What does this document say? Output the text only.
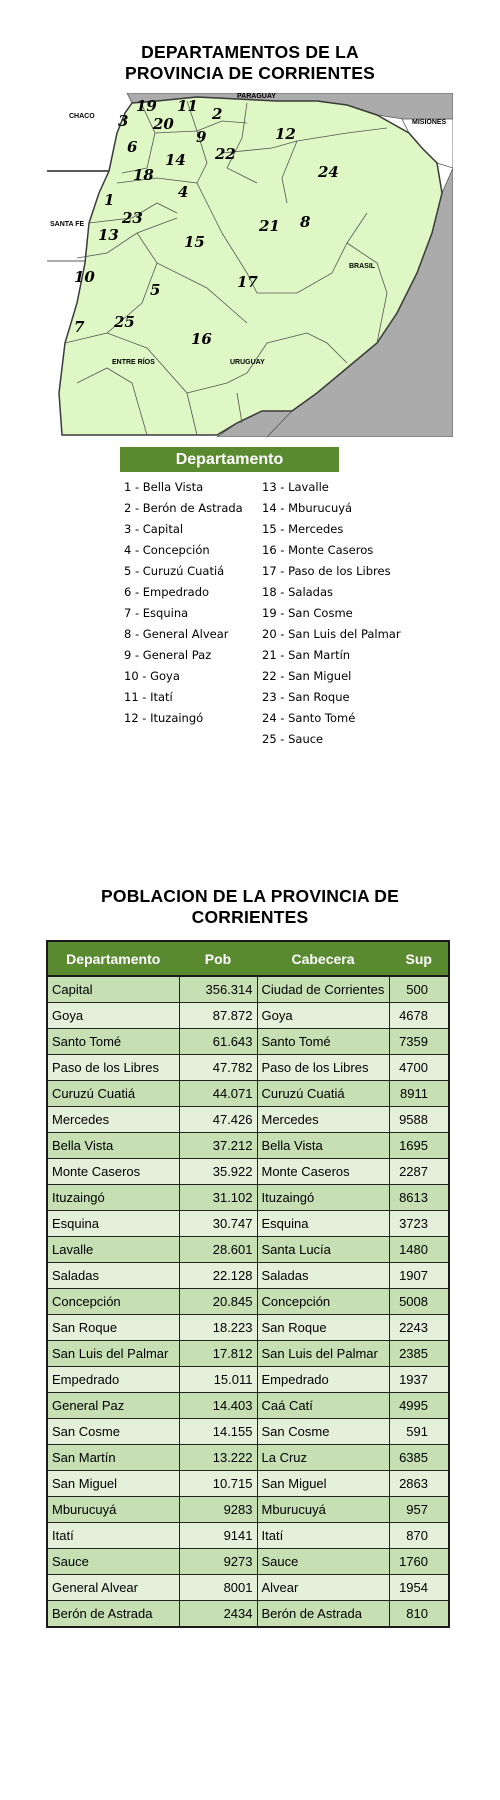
DEPARTAMENTOS DE LA
PROVINCIA DE CORRIENTES
PARAGUAY
CHACO
MISIONES
SANTA FE
BRASIL
ENTRE RÍOS	URUGUAY
1
2
3
4
5
6
7
8
9
10
11
12
13
14
15
16
17
18
19
20
21
22
23
24
25
Departamento
1 - Bella Vista
2 - Berón de Astrada
3 - Capital
4 - Concepción
5 - Curuzú Cuatiá
6 - Empedrado
7 - Esquina
8 - General Alvear
9 - General Paz
10 - Goya
11 - Itatí
12 - Ituzaingó
13 - Lavalle
14 - Mburucuyá
15 - Mercedes
16 - Monte Caseros
17 - Paso de los Libres
18 - Saladas
19 - San Cosme
20 - San Luis del Palmar
21 - San Martín
22 - San Miguel
23 - San Roque
24 - Santo Tomé
25 - Sauce
POBLACION DE LA PROVINCIA DE
CORRIENTES
Departamento	Pob	Cabecera	Sup
Capital	356.314	Ciudad de Corrientes	500
Goya	87.872	Goya	4678
Santo Tomé	61.643	Santo Tomé	7359
Paso de los Libres	47.782	Paso de los Libres	4700
Curuzú Cuatiá	44.071	Curuzú Cuatiá	8911
Mercedes	47.426	Mercedes	9588
Bella Vista	37.212	Bella Vista	1695
Monte Caseros	35.922	Monte Caseros	2287
Ituzaingó	31.102	Ituzaingó	8613
Esquina	30.747	Esquina	3723
Lavalle	28.601	Santa Lucía	1480
Saladas	22.128	Saladas	1907
Concepción	20.845	Concepción	5008
San Roque	18.223	San Roque	2243
San Luis del Palmar	17.812	San Luis del Palmar	2385
Empedrado	15.011	Empedrado	1937
General Paz	14.403	Caá Catí	4995
San Cosme	14.155	San Cosme	591
San Martín	13.222	La Cruz	6385
San Miguel	10.715	San Miguel	2863
Mburucuyá	9283	Mburucuyá	957
Itatí	9141	Itatí	870
Sauce	9273	Sauce	1760
General Alvear	8001	Alvear	1954
Berón de Astrada	2434	Berón de Astrada	810
